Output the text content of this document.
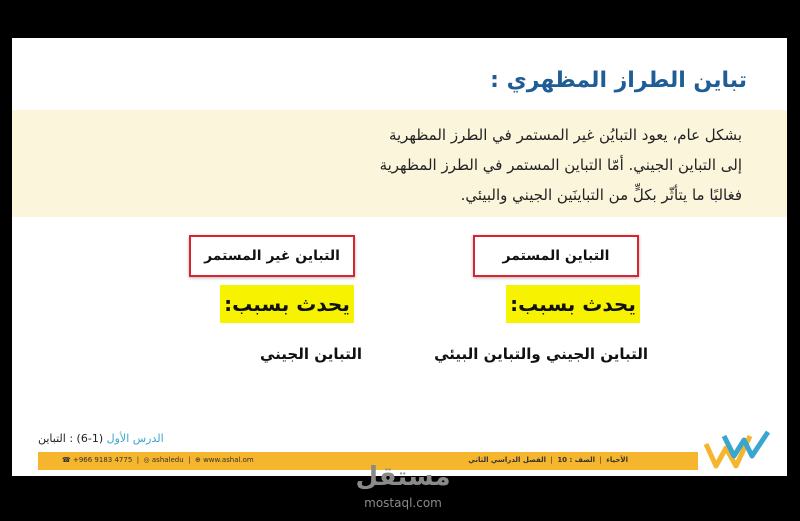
تباين الطراز المظهري :

بشكل عام، يعود التبايُن غير المستمر في الطرز المظهرية
إلى التباين الجيني. أمّا التباين المستمر في الطرز المظهرية
فغالبًا ما يتأثّر بكلٍّ من التباينَين الجيني والبيئي.

التباين المستمر
يحدث بسبب:
التباين الجيني والتباين البيئي
التباين غير المستمر
يحدث بسبب:
التباين الجيني
الدرس الأول (1-6) : التباين
☎ +966 9183 4775  |  ◎ ashaledu  |  ⊕ www.ashal.om	الأحياء  |  الصف : 10  |  الفصل الدراسي الثاني
مستقل
mostaql.com
